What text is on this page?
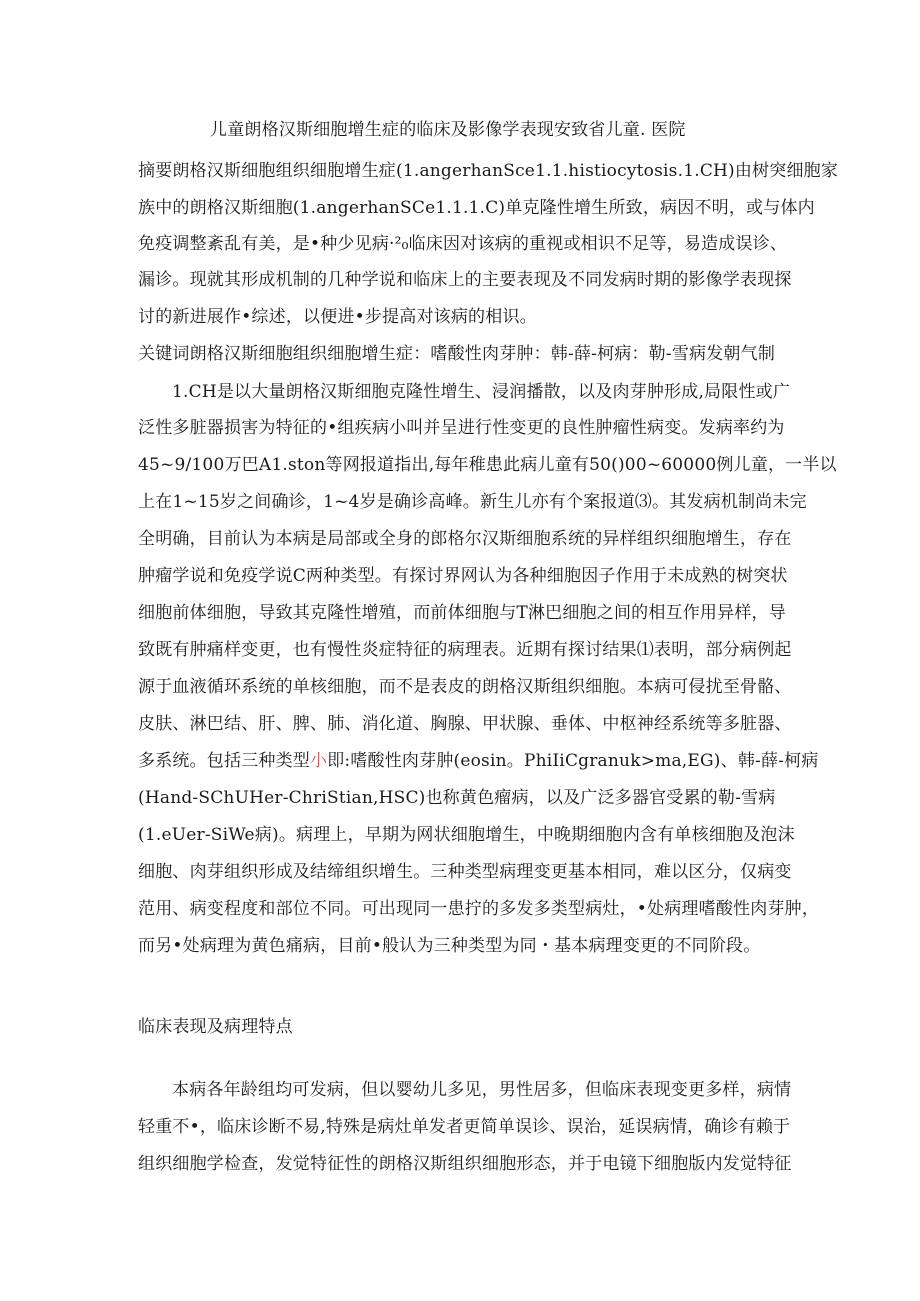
儿童朗格汉斯细胞增生症的临床及影像学表现安致省儿童. 医院
摘要朗格汉斯细胞组织细胞增生症(1.angerhanSce1.1.histiocytosis.1.CH)由树突细胞家
族中的朗格汉斯细胞(1.angerhanSCe1.1.1.C)单克隆性增生所致，病因不明，或与体内
免疫调整紊乱有美，是•种少见病·²₀临床因对该病的重视或相识不足等，易造成误诊、
漏诊。现就其形成机制的几种学说和临床上的主要表现及不同发病时期的影像学表现探
讨的新进展作•综述，以便进•步提高对该病的相识。
关键词朗格汉斯细胞组织细胞增生症：嗜酸性肉芽肿：韩-薛-柯病：勒-雪病发朝气制
1.CH是以大量朗格汉斯细胞克隆性增生、浸润播散，以及肉芽肿形成,局限性或广
泛性多脏器损害为特征的•组疾病小叫并呈进行性变更的良性肿瘤性病变。发病率约为
45~9/100万巴A1.ston等网报道指出,每年稚患此病儿童有50()00~60000例儿童，一半以
上在1~15岁之间确诊，1~4岁是确诊高峰。新生儿亦有个案报道⑶。其发病机制尚未完
全明确，目前认为本病是局部或全身的郎格尔汉斯细胞系统的异样组织细胞增生，存在
肿瘤学说和免疫学说C两种类型。有探讨界网认为各种细胞因子作用于未成熟的树突状
细胞前体细胞，导致其克隆性增殖，而前体细胞与T淋巴细胞之间的相互作用异样，导
致既有肿痛样变更，也有慢性炎症特征的病理表。近期有探讨结果⑴表明，部分病例起
源于血液循环系统的单核细胞，而不是表皮的朗格汉斯组织细胞。本病可侵扰至骨骼、
皮肤、淋巴结、肝、脾、肺、消化道、胸腺、甲状腺、垂体、中枢神经系统等多脏器、
多系统。包括三种类型小即:嗜酸性肉芽肿(eosin。PhiIiCgranuk>ma,EG)、韩-薛-柯病
(Hand-SChUHer-ChriStian,HSC)也称黄色瘤病，以及广泛多器官受累的勒-雪病
(1.eUer-SiWe病)。病理上，早期为网状细胞增生，中晚期细胞内含有单核细胞及泡沫
细胞、肉芽组织形成及结缔组织增生。三种类型病理变更基本相同，难以区分，仅病变
范用、病变程度和部位不同。可出现同一患拧的多发多类型病灶，•处病理嗜酸性肉芽肿，
而另•处病理为黄色痛病，目前•般认为三种类型为同・基本病理变更的不同阶段。
临床表现及病理特点
本病各年龄组均可发病，但以婴幼儿多见，男性居多，但临床表现变更多样，病情
轻重不•，临床诊断不易,特殊是病灶单发者更简单误诊、误治，延误病情，确诊有赖于
组织细胞学检查，发觉特征性的朗格汉斯组织细胞形态，并于电镜下细胞版内发觉特征
